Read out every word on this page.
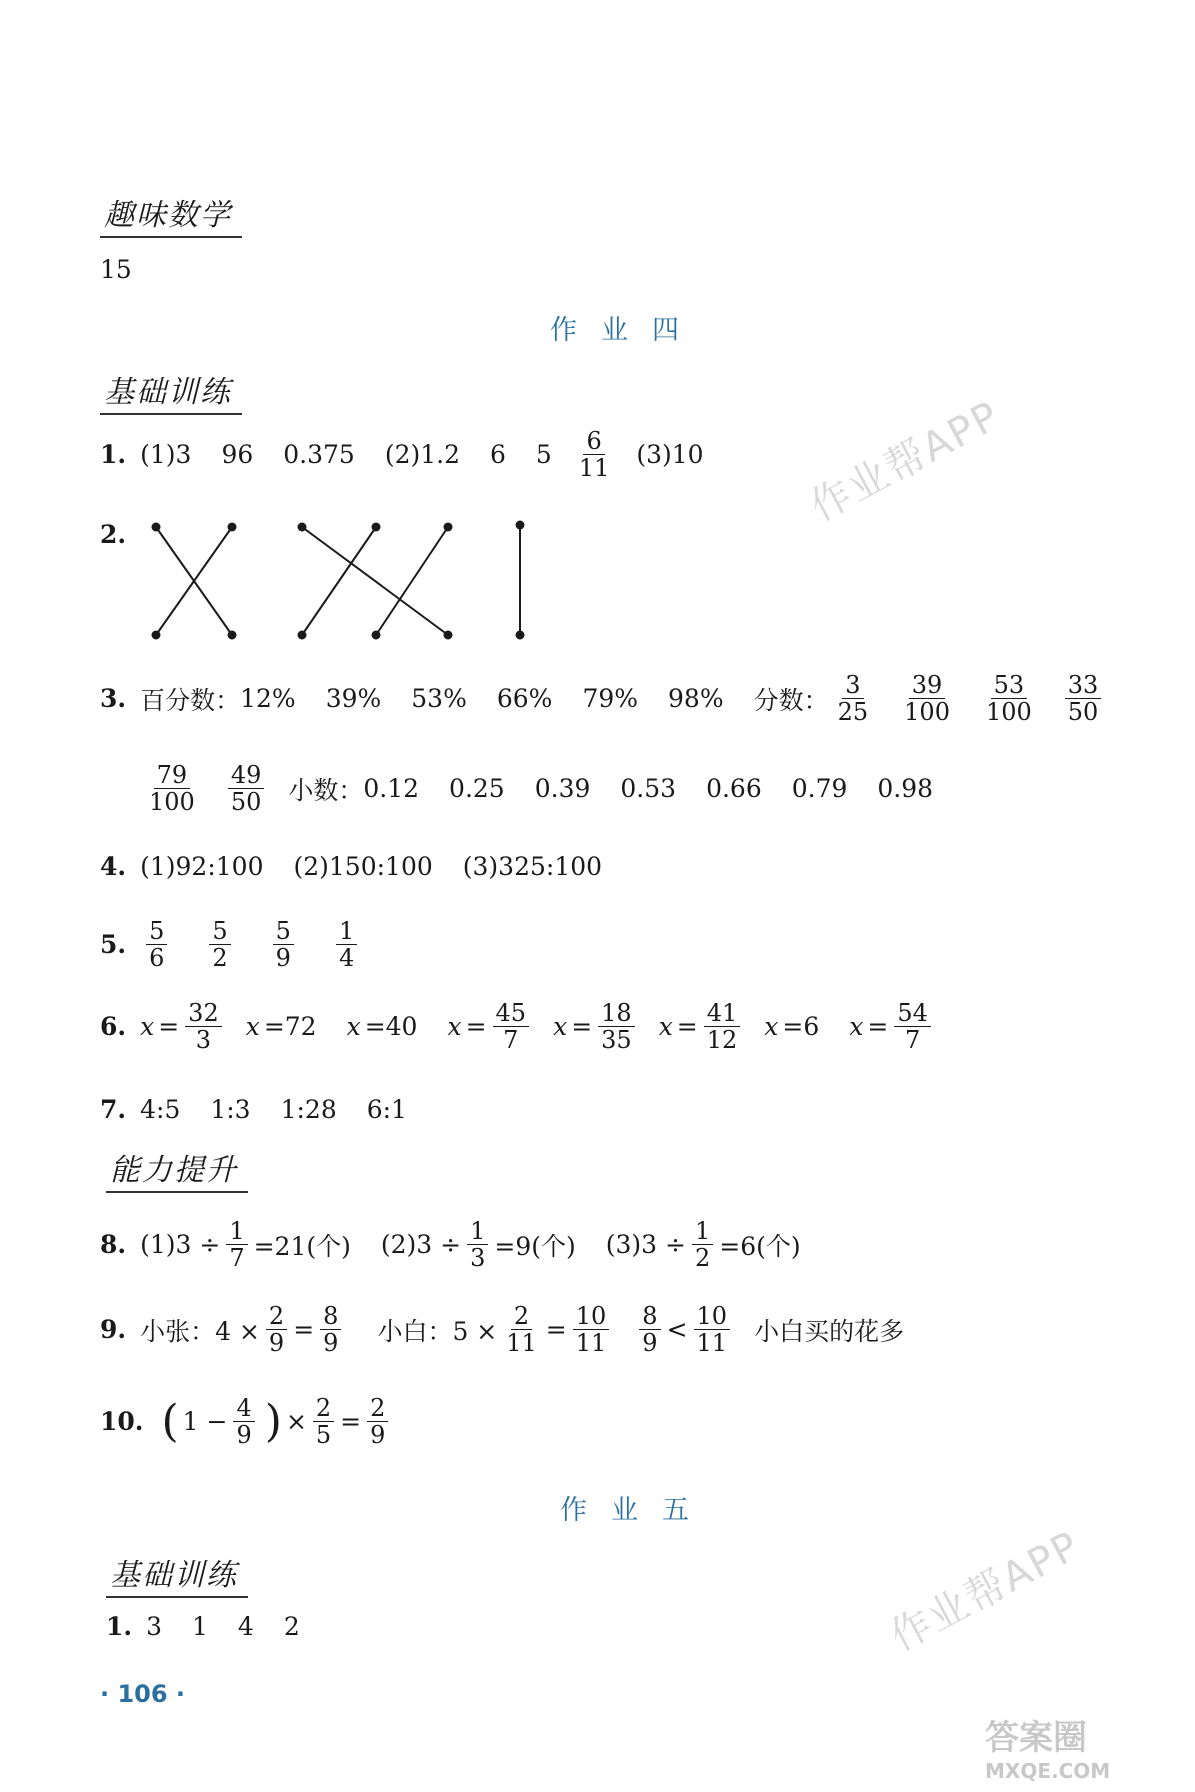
趣味数学
15
作业四
基础训练
1. (1)3 96 0.375 (2)1.2 6 $5 \frac{6}{11} (3)10$
2.
3. 百分数： 12% 39% 53% 66% 79% 98% 分数： $\frac{3}{25} \frac{39}{100} \frac{53}{100} \frac{33}{50}$
$\frac{79}{100} \frac{49}{50}$ 小数： 0.12 0.25 0.39 0.53 0.66 0.79 0.98
4. (1)92:100 (2)150:100 (3)325:100
5. $\frac{5}{6} \frac{5}{2} \frac{5}{9} \frac{1}{4}$
6. $x = \frac{32}{3}$ x = 72 x = 40 $x = \frac{45}{7}$ $x = \frac{18}{35}$ $x = \frac{41}{12}$ x = 6 $x = \frac{54}{7}$
7. 4:5 1:3 1:28 6:1
能力提升
8. $(1)3 \div \frac{1}{7} =21$(个) $(2)3 \div \frac{1}{3} =9$(个) $(3)3 \div \frac{1}{2} =6$(个)
9. 小张：$4 \times \frac{2}{9} = \frac{8}{9}$ 小白：$5 \times \frac{2}{11} = \frac{10}{11} \frac{8}{9} < \frac{10}{11}$ 小白买的花多
10. ( $1 - \frac{4}{9}$ ) × $\frac{2}{5} = \frac{2}{9}$
作业五
基础训练
1. 3 1 4 2
· 106 ·
作业帮APP
作业帮APP
答案圈
MXQE.COM
